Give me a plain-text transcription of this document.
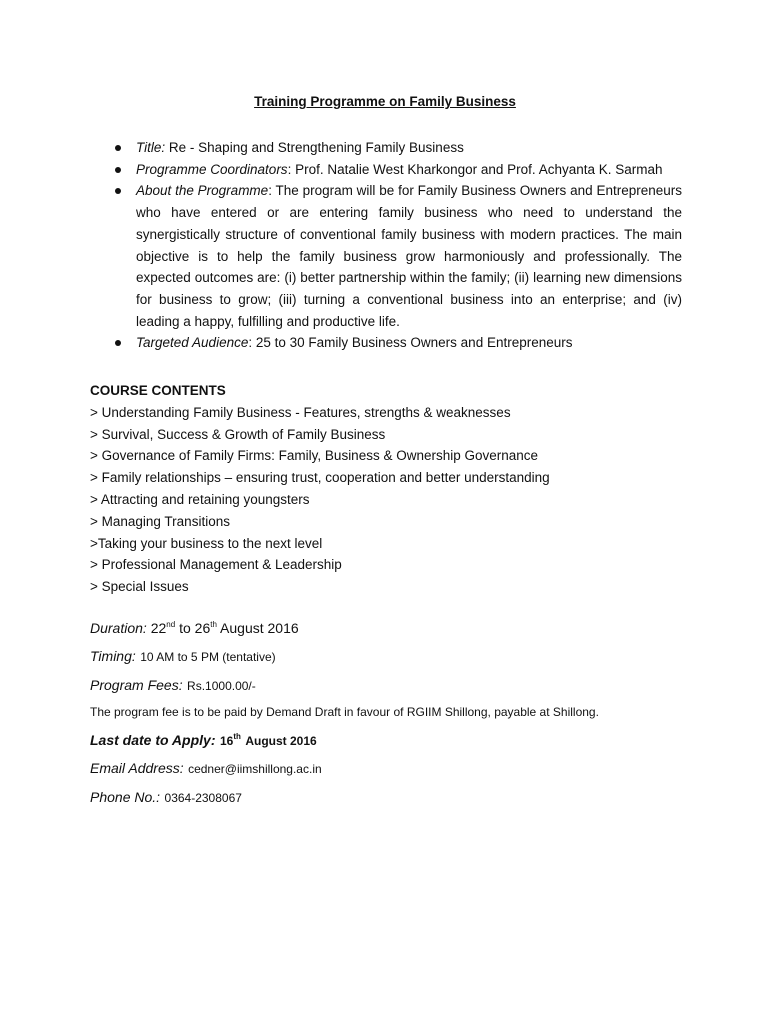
Training Programme on Family Business
Title: Re - Shaping and Strengthening Family Business
Programme Coordinators: Prof. Natalie West Kharkongor and Prof. Achyanta K. Sarmah
About the Programme: The program will be for Family Business Owners and Entrepreneurs who have entered or are entering family business who need to understand the synergistically structure of conventional family business with modern practices. The main objective is to help the family business grow harmoniously and professionally. The expected outcomes are: (i) better partnership within the family; (ii) learning new dimensions for business to grow; (iii) turning a conventional business into an enterprise; and (iv) leading a happy, fulfilling and productive life.
Targeted Audience: 25 to 30 Family Business Owners and Entrepreneurs
COURSE CONTENTS
> Understanding Family Business - Features, strengths & weaknesses
> Survival, Success & Growth of Family Business
> Governance of Family Firms: Family, Business & Ownership Governance
> Family relationships – ensuring trust, cooperation and better understanding
> Attracting and retaining youngsters
> Managing Transitions
>Taking your business to the next level
> Professional Management & Leadership
> Special Issues
Duration: 22nd to 26th August 2016
Timing: 10 AM to 5 PM (tentative)
Program Fees: Rs.1000.00/-
The program fee is to be paid by Demand Draft in favour of RGIIM Shillong, payable at Shillong.
Last date to Apply: 16th August 2016
Email Address: cedner@iimshillong.ac.in
Phone No.: 0364-2308067
